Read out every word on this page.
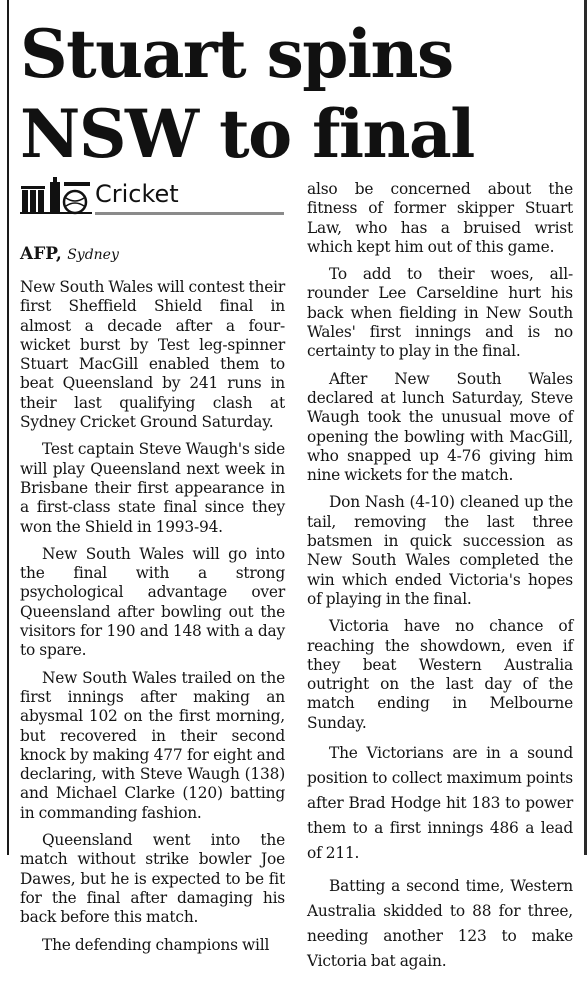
Stuart spins NSW to final
Cricket
AFP, Sydney

New South Wales will contest their first Sheffield Shield final in almost a decade after a four-wicket burst by Test leg-spinner Stuart MacGill enabled them to beat Queensland by 241 runs in their last qualifying clash at Sydney Cricket Ground Saturday.

Test captain Steve Waugh's side will play Queensland next week in Brisbane their first appearance in a first-class state final since they won the Shield in 1993-94.

New South Wales will go into the final with a strong psychological advantage over Queensland after bowling out the visitors for 190 and 148 with a day to spare.

New South Wales trailed on the first innings after making an abysmal 102 on the first morning, but recovered in their second knock by making 477 for eight and declaring, with Steve Waugh (138) and Michael Clarke (120) batting in commanding fashion.

Queensland went into the match without strike bowler Joe Dawes, but he is expected to be fit for the final after damaging his back before this match.

The defending champions will

also be concerned about the fitness of former skipper Stuart Law, who has a bruised wrist which kept him out of this game.

To add to their woes, all-rounder Lee Carseldine hurt his back when fielding in New South Wales' first innings and is no certainty to play in the final.

After New South Wales declared at lunch Saturday, Steve Waugh took the unusual move of opening the bowling with MacGill, who snapped up 4-76 giving him nine wickets for the match.

Don Nash (4-10) cleaned up the tail, removing the last three batsmen in quick succession as New South Wales completed the win which ended Victoria's hopes of playing in the final.

Victoria have no chance of reaching the showdown, even if they beat Western Australia outright on the last day of the match ending in Melbourne Sunday.

The Victorians are in a sound position to collect maximum points after Brad Hodge hit 183 to power them to a first innings 486 a lead of 211.

Batting a second time, Western Australia skidded to 88 for three, needing another 123 to make Victoria bat again.
